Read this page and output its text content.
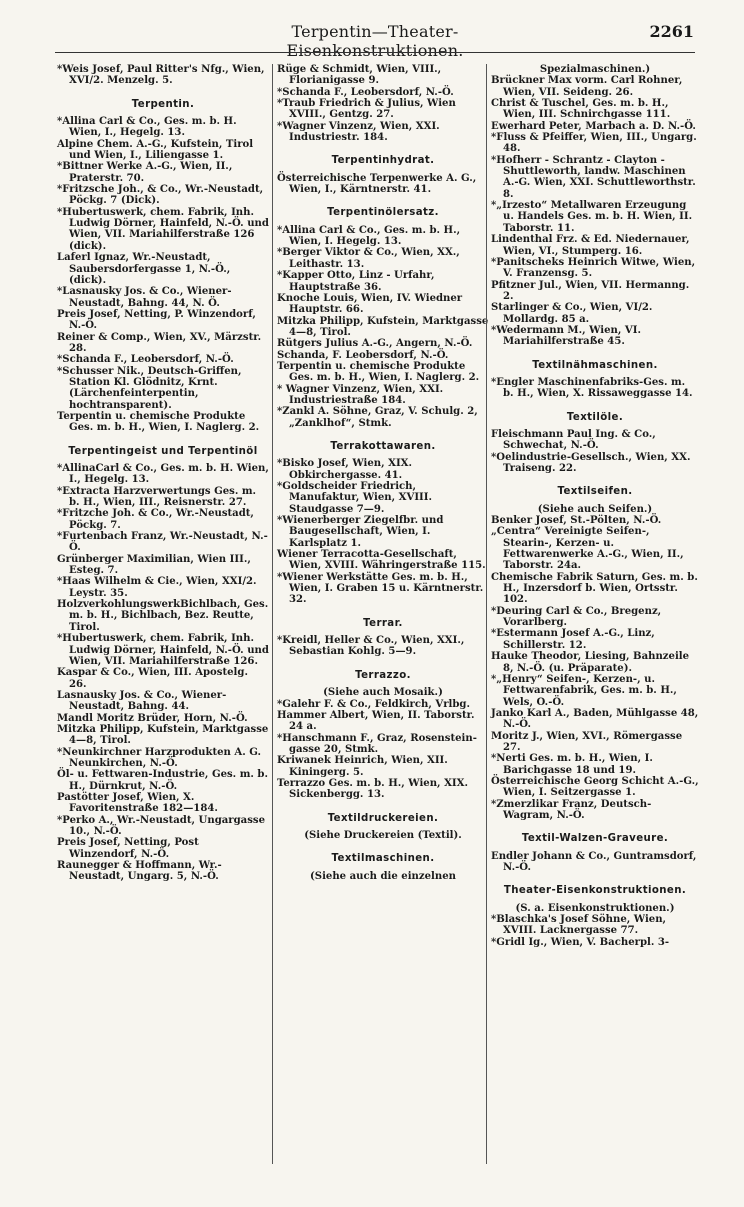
Terpentin—Theater-Eisenkonstruktionen.
2261

*Weis Josef, Paul Ritter's Nfg., Wien, XVI/2. Menzelg. 5.

Terpentin.

*Allina Carl & Co., Ges. m. b. H. Wien, I., Hegelg. 13.

Alpine Chem. A.-G., Kufstein, Tirol und Wien, I., Liliengasse 1.

*Bittner Werke A.-G., Wien, II., Praterstr. 70.

*Fritzsche Joh., & Co., Wr.-Neustadt, Pöckg. 7 (Dick).

*Hubertuswerk, chem. Fabrik, Inh. Ludwig Dörner, Hainfeld, N.-Ö. und Wien, VII. Mariahilferstraße 126 (dick).

Laferl Ignaz, Wr.-Neustadt, Saubersdorfergasse 1, N.-Ö., (dick).

*Lasnausky Jos. & Co., Wiener-Neustadt, Bahng. 44, N. Ö.

Preis Josef, Netting, P. Winzendorf, N.-Ö.

Reiner & Comp., Wien, XV., Märzstr. 28.

*Schanda F., Leobersdorf, N.-Ö.

*Schusser Nik., Deutsch-Griffen, Station Kl. Glödnitz, Krnt. (Lärchenfeinterpentin, hochtransparent).

Terpentin u. chemische Produkte Ges. m. b. H., Wien, I. Naglerg. 2.

Terpentingeist und Terpentinöl

*AllinaCarl & Co., Ges. m. b. H. Wien, I., Hegelg. 13.

*Extracta Harzverwertungs Ges. m. b. H., Wien, III., Reisnerstr. 27.

*Fritzche Joh. & Co., Wr.-Neustadt, Pöckg. 7.

*Furtenbach Franz, Wr.-Neustadt, N.-Ö.

Grünberger Maximilian, Wien III., Esteg. 7.

*Haas Wilhelm & Cie., Wien, XXI/2. Leystr. 35.

HolzverkohlungswerkBichlbach, Ges. m. b. H., Bichlbach, Bez. Reutte, Tirol.

*Hubertuswerk, chem. Fabrik, Inh. Ludwig Dörner, Hainfeld, N.-Ö. und Wien, VII. Mariahilferstraße 126.

Kaspar & Co., Wien, III. Apostelg. 26.

Lasnausky Jos. & Co., Wiener-Neustadt, Bahng. 44.

Mandl Moritz Brüder, Horn, N.-Ö.

Mitzka Philipp, Kufstein, Marktgasse 4—8, Tirol.

*Neunkirchner Harzprodukten A. G. Neunkirchen, N.-Ö.

Öl- u. Fettwaren-Industrie, Ges. m. b. H., Dürnkrut, N.-Ö.

Pastötter Josef, Wien, X. Favoritenstraße 182—184.

*Perko A., Wr.-Neustadt, Ungargasse 10., N.-Ö.

Preis Josef, Netting, Post Winzendorf, N.-Ö.

Raunegger & Hoffmann, Wr.-Neustadt, Ungarg. 5, N.-Ö.

Rüge & Schmidt, Wien, VIII., Florianigasse 9.

*Schanda F., Leobersdorf, N.-Ö.

*Traub Friedrich & Julius, Wien XVIII., Gentzg. 27.

*Wagner Vinzenz, Wien, XXI. Industriestr. 184.

Terpentinhydrat.

Österreichische Terpenwerke A. G., Wien, I., Kärntnerstr. 41.

Terpentinölersatz.

*Allina Carl & Co., Ges. m. b. H., Wien, I. Hegelg. 13.

*Berger Viktor & Co., Wien, XX., Leithastr. 13.

*Kapper Otto, Linz - Urfahr, Hauptstraße 36.

Knoche Louis, Wien, IV. Wiedner Hauptstr. 66.

Mitzka Philipp, Kufstein, Marktgasse 4—8, Tirol.

Rütgers Julius A.-G., Angern, N.-Ö.

Schanda, F. Leobersdorf, N.-Ö.

Terpentin u. chemische Produkte Ges. m. b. H., Wien, I. Naglerg. 2.

* Wagner Vinzenz, Wien, XXI. Industriestraße 184.

*Zankl A. Söhne, Graz, V. Schulg. 2, „Zanklhof“, Stmk.

Terrakottawaren.

*Bisko Josef, Wien, XIX. Obkirchergasse. 41.

*Goldscheider Friedrich, Manufaktur, Wien, XVIII. Staudgasse 7—9.

*Wienerberger Ziegelfbr. und Baugesellschaft, Wien, I. Karlsplatz 1.

Wiener Terracotta-Gesellschaft, Wien, XVIII. Währingerstraße 115.

*Wiener Werkstätte Ges. m. b. H., Wien, I. Graben 15 u. Kärntnerstr. 32.

Terrar.

*Kreidl, Heller & Co., Wien, XXI., Sebastian Kohlg. 5—9.

Terrazzo.

(Siehe auch Mosaik.)

*Galehr F. & Co., Feldkirch, Vrlbg.

Hammer Albert, Wien, II. Taborstr. 24 a.

*Hanschmann F., Graz, Rosensteingasse 20, Stmk.

Kriwanek Heinrich, Wien, XII. Kiningerg. 5.

Terrazzo Ges. m. b. H., Wien, XIX. Sickenbergg. 13.

Textildruckereien.

(Siehe Druckereien (Textil).

Textilmaschinen.

(Siehe auch die einzelnen

Spezialmaschinen.)

Brückner Max vorm. Carl Rohner, Wien, VII. Seideng. 26.

Christ & Tuschel, Ges. m. b. H., Wien, III. Schnirchgasse 111.

Ewerhard Peter, Marbach a. D. N.-Ö.

*Fluss & Pfeiffer, Wien, III., Ungarg. 48.

*Hofherr - Schrantz - Clayton - Shuttleworth, landw. Maschinen A.-G. Wien, XXI. Schuttleworthstr. 8.

*„Irzesto“ Metallwaren Erzeugung u. Handels Ges. m. b. H. Wien, II. Taborstr. 11.

Lindenthal Frz. & Ed. Niedernauer, Wien, VI., Stumperg. 16.

*Panitscheks Heinrich Witwe, Wien, V. Franzensg. 5.

Pfitzner Jul., Wien, VII. Hermanng. 2.

Starlinger & Co., Wien, VI/2. Mollardg. 85 a.

*Wedermann M., Wien, VI. Mariahilferstraße 45.

Textilnähmaschinen.

*Engler Maschinenfabriks-Ges. m. b. H., Wien, X. Rissaweggasse 14.

Textilöle.

Fleischmann Paul Ing. & Co., Schwechat, N.-Ö.

*Oelindustrie-Gesellsch., Wien, XX. Traiseng. 22.

Textilseifen.

(Siehe auch Seifen.)

Benker Josef, St.-Pölten, N.-Ö.

„Centra“ Vereinigte Seifen-, Stearin-, Kerzen- u. Fettwarenwerke A.-G., Wien, II., Taborstr. 24a.

Chemische Fabrik Saturn, Ges. m. b. H., Inzersdorf b. Wien, Ortsstr. 102.

*Deuring Carl & Co., Bregenz, Vorarlberg.

*Estermann Josef A.-G., Linz, Schillerstr. 12.

Hauke Theodor, Liesing, Bahnzeile 8, N.-Ö. (u. Präparate).

*„Henry“ Seifen-, Kerzen-, u. Fettwarenfabrik, Ges. m. b. H., Wels, O.-Ö.

Janko Karl A., Baden, Mühlgasse 48, N.-Ö.

Moritz J., Wien, XVI., Römergasse 27.

*Nerti Ges. m. b. H., Wien, I. Barichgasse 18 und 19.

Österreichische Georg Schicht A.-G., Wien, I. Seitzergasse 1.

*Zmerzlikar Franz, Deutsch-Wagram, N.-Ö.

Textil-Walzen-Graveure.

Endler Johann & Co., Guntramsdorf, N.-Ö.

Theater-Eisenkonstruktionen.

(S. a. Eisenkonstruktionen.)

*Blaschka's Josef Söhne, Wien, XVIII. Lacknergasse 77.

*Gridl Ig., Wien, V. Bacherpl. 3-
